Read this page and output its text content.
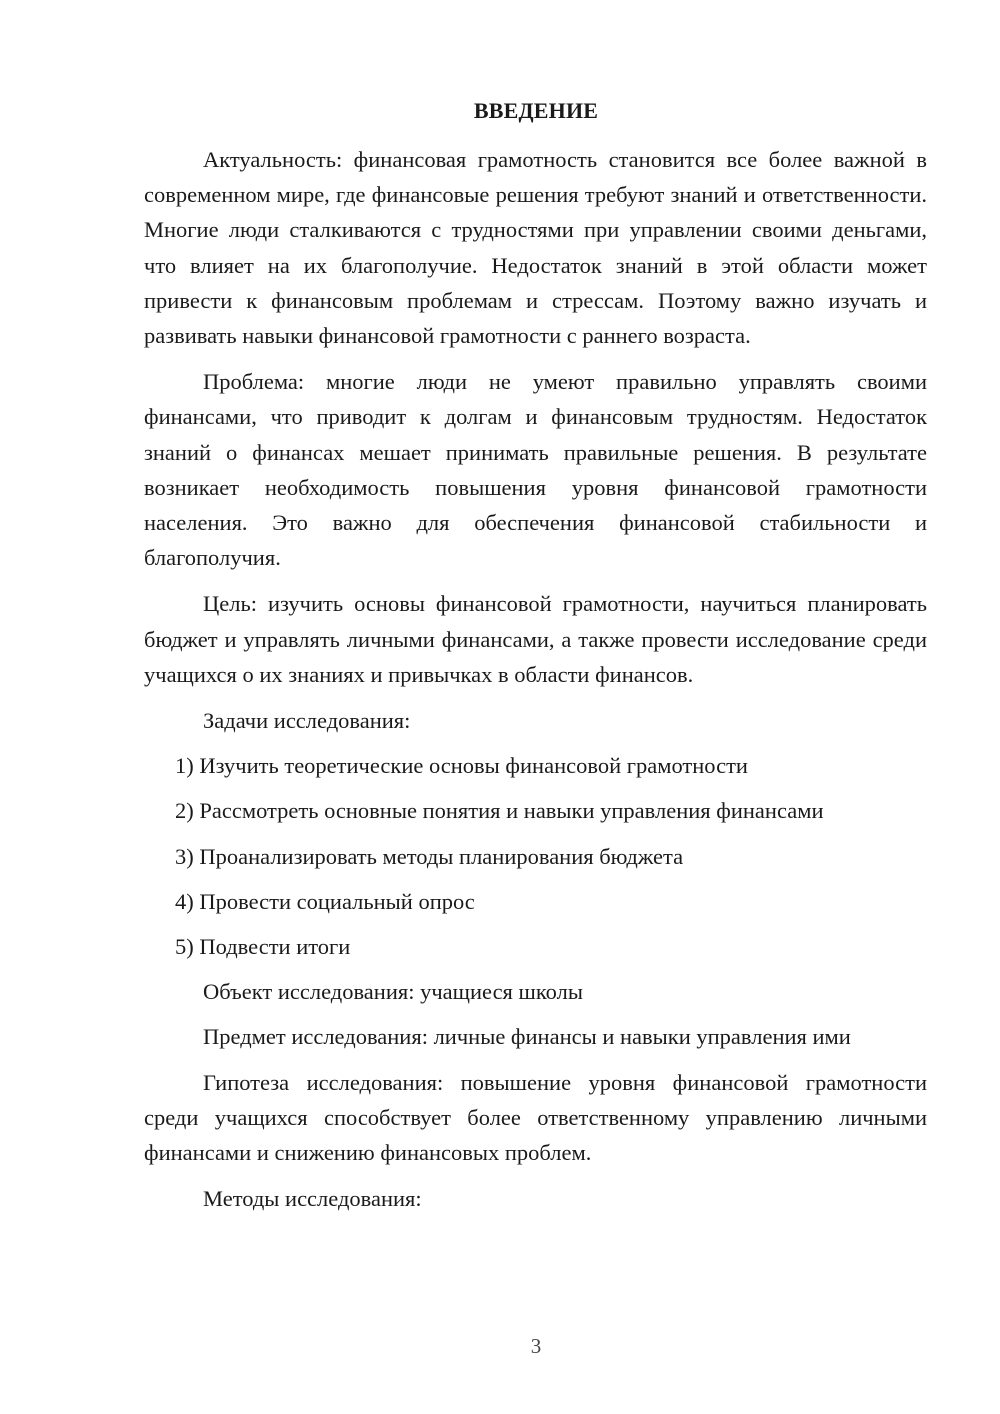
ВВЕДЕНИЕ

Актуальность: финансовая грамотность становится все более важной в современном мире, где финансовые решения требуют знаний и ответственности. Многие люди сталкиваются с трудностями при управлении своими деньгами, что влияет на их благополучие. Недостаток знаний в этой области может привести к финансовым проблемам и стрессам. Поэтому важно изучать и развивать навыки финансовой грамотности с раннего возраста.

Проблема: многие люди не умеют правильно управлять своими финансами, что приводит к долгам и финансовым трудностям. Недостаток знаний о финансах мешает принимать правильные решения. В результате возникает необходимость повышения уровня финансовой грамотности населения. Это важно для обеспечения финансовой стабильности и благополучия.

Цель: изучить основы финансовой грамотности, научиться планировать бюджет и управлять личными финансами, а также провести исследование среди учащихся о их знаниях и привычках в области финансов.

Задачи исследования:

1) Изучить теоретические основы финансовой грамотности

2) Рассмотреть основные понятия и навыки управления финансами

3) Проанализировать методы планирования бюджета

4) Провести социальный опрос

5) Подвести итоги

Объект исследования: учащиеся школы

Предмет исследования: личные финансы и навыки управления ими

Гипотеза исследования: повышение уровня финансовой грамотности среди учащихся способствует более ответственному управлению личными финансами и снижению финансовых проблем.

Методы исследования:

3
